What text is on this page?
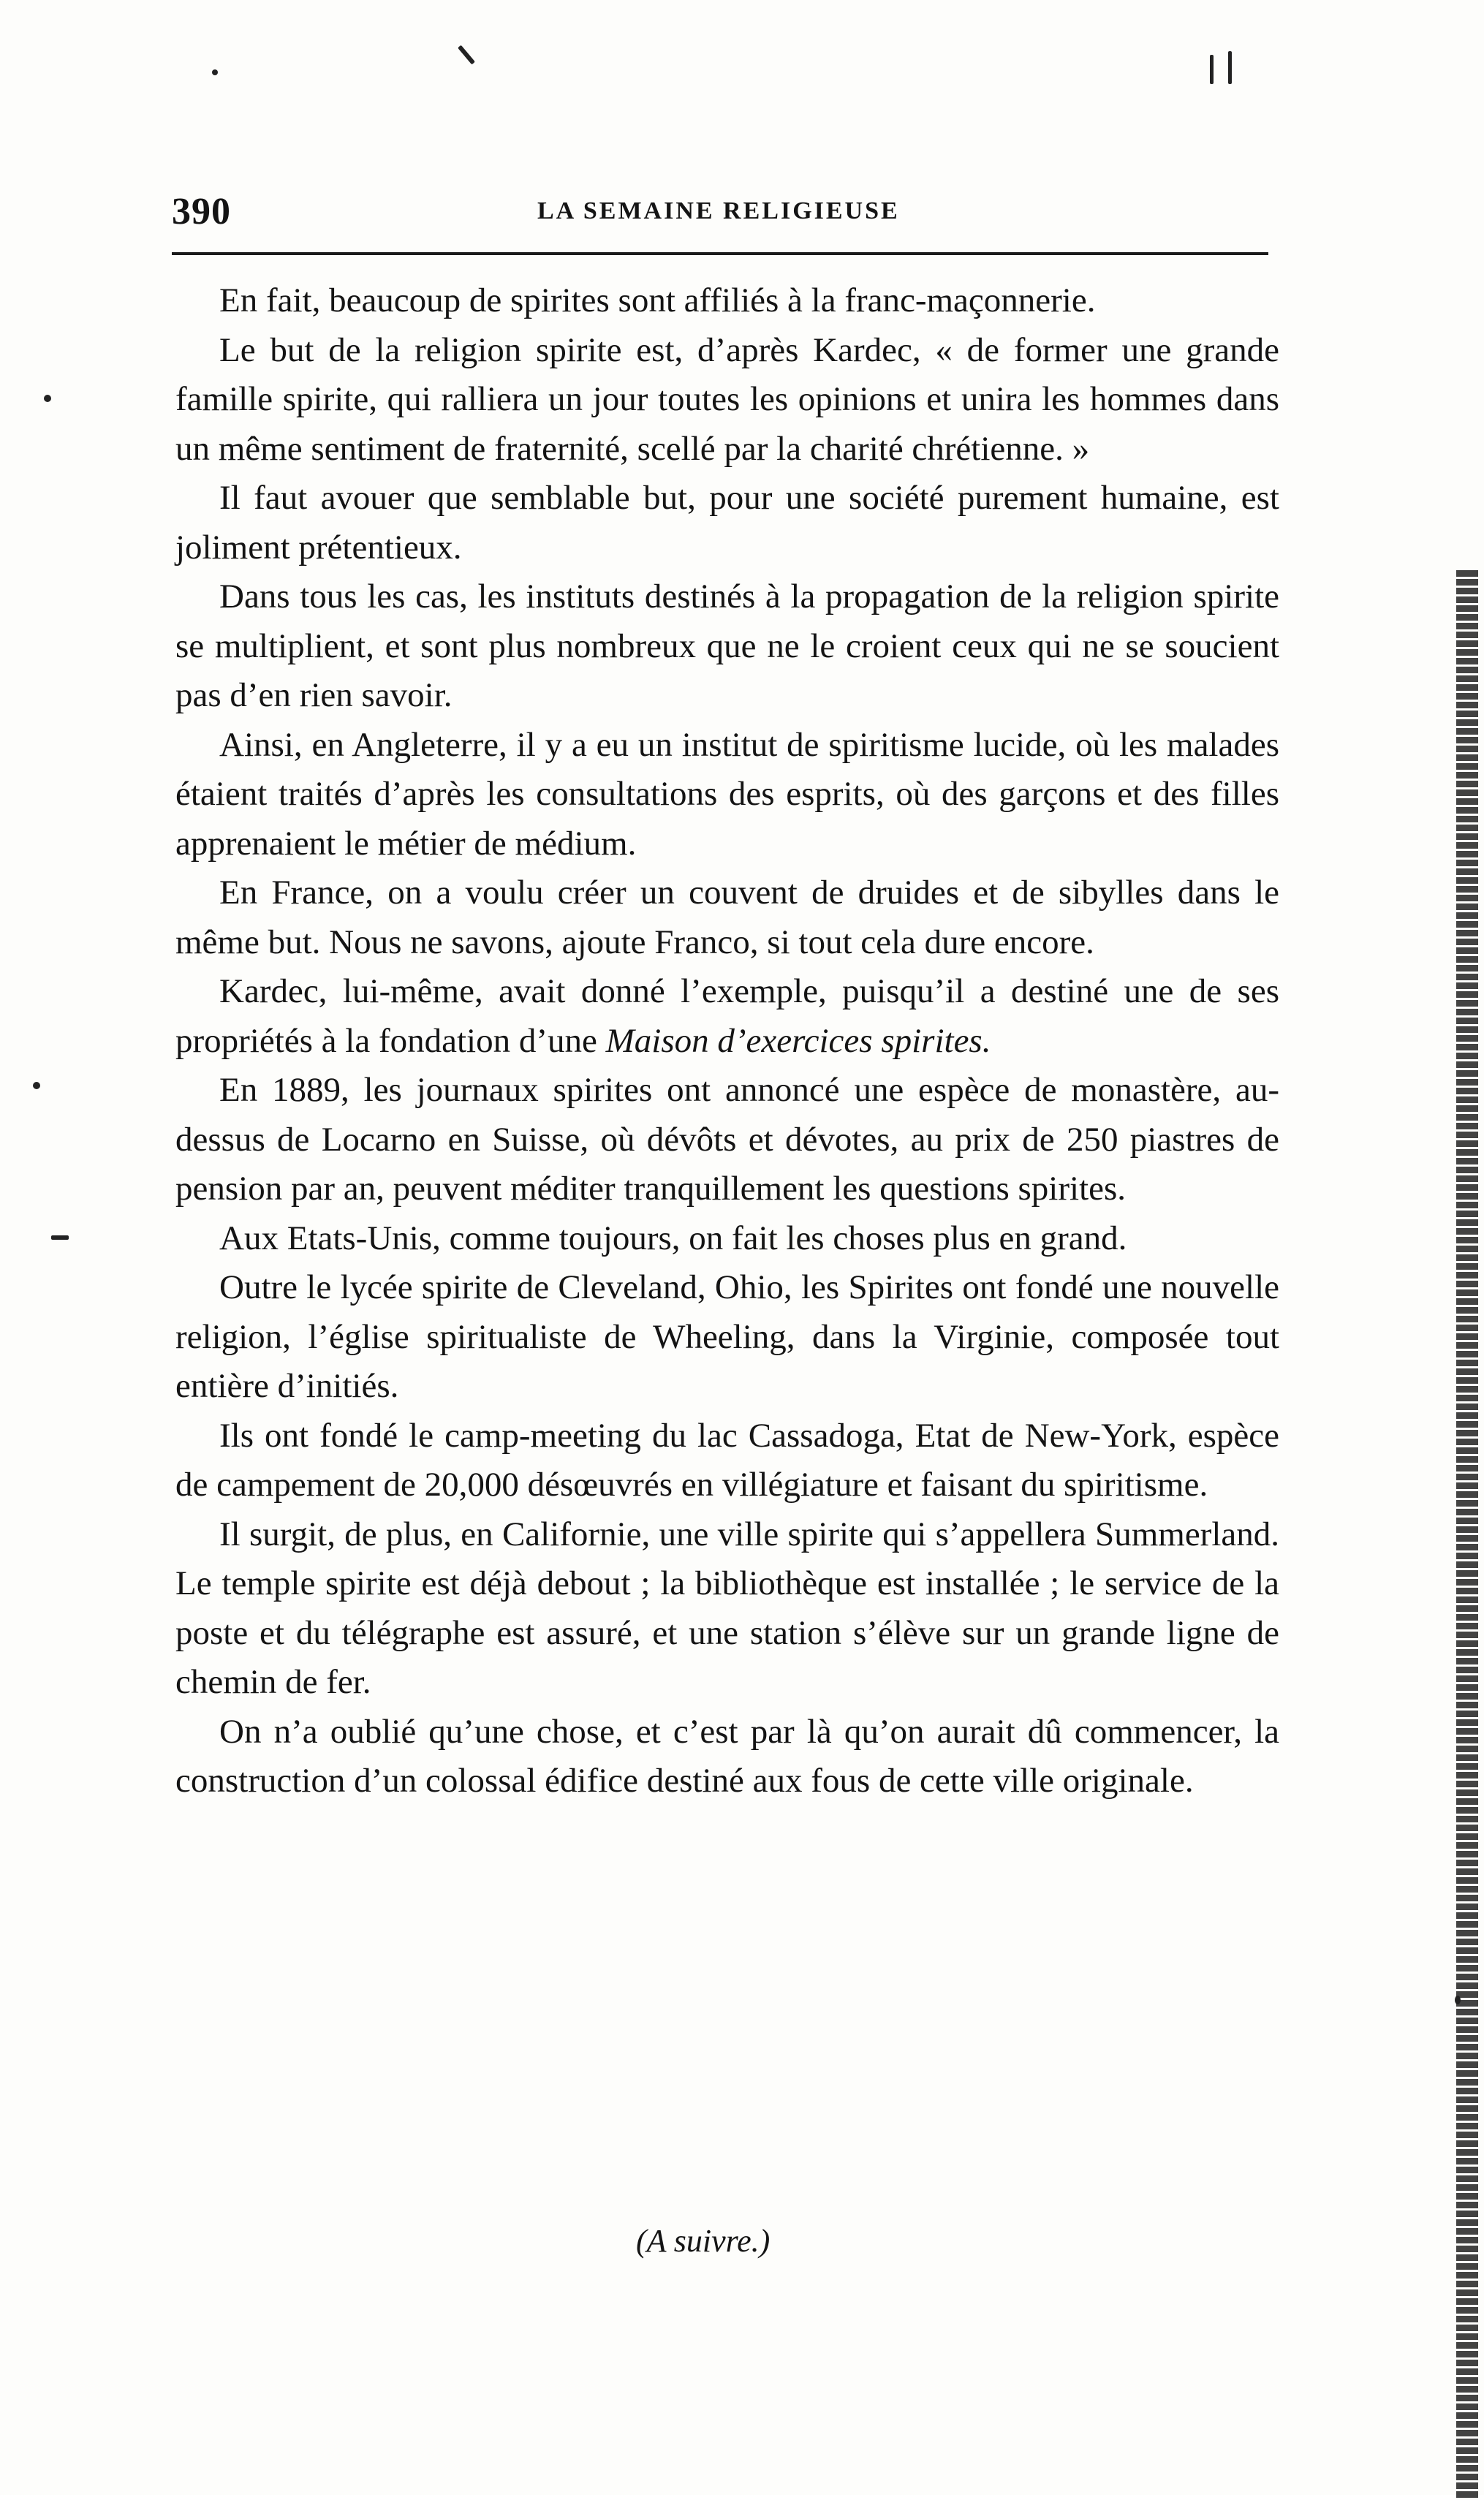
390	LA SEMAINE RELIGIEUSE

En fait, beaucoup de spirites sont affiliés à la franc-maçonnerie.

Le but de la religion spirite est, d’après Kardec, « de former une grande famille spirite, qui ralliera un jour toutes les opinions et unira les hommes dans un même sentiment de fraternité, scellé par la charité chrétienne. »

Il faut avouer que semblable but, pour une société purement humaine, est joliment prétentieux.

Dans tous les cas, les instituts destinés à la propagation de la religion spirite se multiplient, et sont plus nombreux que ne le croient ceux qui ne se soucient pas d’en rien savoir.

Ainsi, en Angleterre, il y a eu un institut de spiritisme lucide, où les malades étaient traités d’après les consultations des esprits, où des garçons et des filles apprenaient le métier de médium.

En France, on a voulu créer un couvent de druides et de sibylles dans le même but. Nous ne savons, ajoute Franco, si tout cela dure encore.

Kardec, lui-même, avait donné l’exemple, puisqu’il a destiné une de ses propriétés à la fondation d’une Maison d’exercices spirites.

En 1889, les journaux spirites ont annoncé une espèce de monastère, au-dessus de Locarno en Suisse, où dévôts et dévotes, au prix de 250 piastres de pension par an, peuvent méditer tranquillement les questions spirites.

Aux Etats-Unis, comme toujours, on fait les choses plus en grand.

Outre le lycée spirite de Cleveland, Ohio, les Spirites ont fondé une nouvelle religion, l’église spiritualiste de Wheeling, dans la Virginie, composée tout entière d’initiés.

Ils ont fondé le camp-meeting du lac Cassadoga, Etat de New-York, espèce de campement de 20,000 désœuvrés en villégiature et faisant du spiritisme.

Il surgit, de plus, en Californie, une ville spirite qui s’appellera Summerland. Le temple spirite est déjà debout ; la bibliothèque est installée ; le service de la poste et du télégraphe est assuré, et une station s’élève sur un grande ligne de chemin de fer.

On n’a oublié qu’une chose, et c’est par là qu’on aurait dû commencer, la construction d’un colossal édifice destiné aux fous de cette ville originale.

(A suivre.)
